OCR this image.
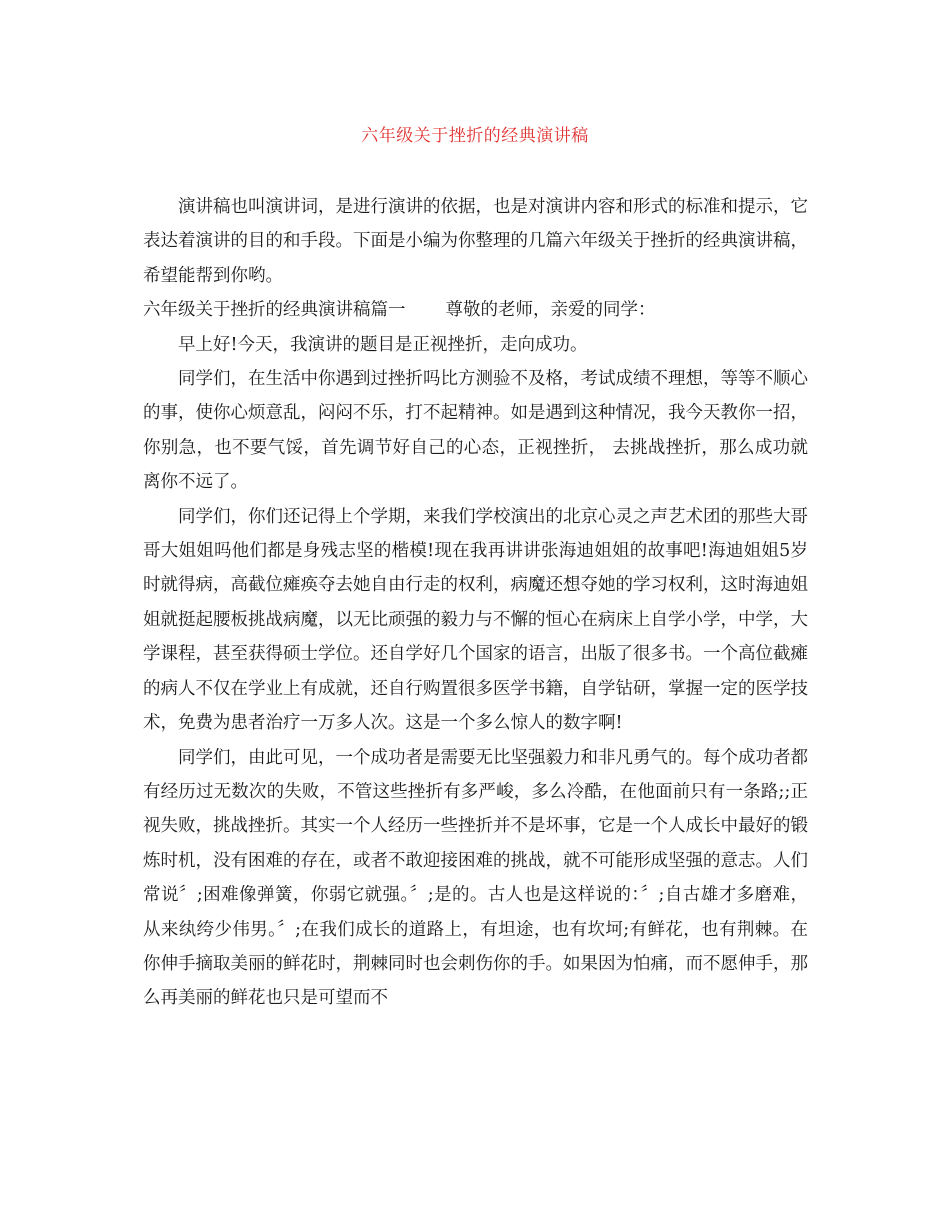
六年级关于挫折的经典演讲稿

演讲稿也叫演讲词，是进行演讲的依据，也是对演讲内容和形式的标准和提示，它表达着演讲的目的和手段。下面是小编为你整理的几篇六年级关于挫折的经典演讲稿，希望能帮到你哟。

六年级关于挫折的经典演讲稿篇一 尊敬的老师，亲爱的同学：

早上好!今天，我演讲的题目是正视挫折，走向成功。

同学们，在生活中你遇到过挫折吗比方测验不及格，考试成绩不理想，等等不顺心的事，使你心烦意乱，闷闷不乐，打不起精神。如是遇到这种情况，我今天教你一招，你别急，也不要气馁，首先调节好自己的心态，正视挫折， 去挑战挫折，那么成功就离你不远了。

同学们，你们还记得上个学期，来我们学校演出的北京心灵之声艺术团的那些大哥哥大姐姐吗他们都是身残志坚的楷模!现在我再讲讲张海迪姐姐的故事吧!海迪姐姐5岁时就得病，高截位瘫痪夺去她自由行走的权利，病魔还想夺她的学习权利，这时海迪姐姐就挺起腰板挑战病魔，以无比顽强的毅力与不懈的恒心在病床上自学小学，中学，大学课程，甚至获得硕士学位。还自学好几个国家的语言，出版了很多书。一个高位截瘫的病人不仅在学业上有成就，还自行购置很多医学书籍，自学钻研，掌握一定的医学技术，免费为患者治疗一万多人次。这是一个多么惊人的数字啊!

同学们，由此可见，一个成功者是需要无比坚强毅力和非凡勇气的。每个成功者都有经历过无数次的失败，不管这些挫折有多严峻，多么冷酷，在他面前只有一条路;;正视失败，挑战挫折。其实一个人经历一些挫折并不是坏事，它是一个人成长中最好的锻炼时机，没有困难的存在，或者不敢迎接困难的挑战，就不可能形成坚强的意志。人们常说〞;困难像弹簧，你弱它就强。〞;是的。古人也是这样说的：〞;自古雄才多磨难，从来纨绔少伟男。〞;在我们成长的道路上，有坦途，也有坎坷;有鲜花，也有荆棘。在你伸手摘取美丽的鲜花时，荆棘同时也会刺伤你的手。如果因为怕痛，而不愿伸手，那么再美丽的鲜花也只是可望而不
